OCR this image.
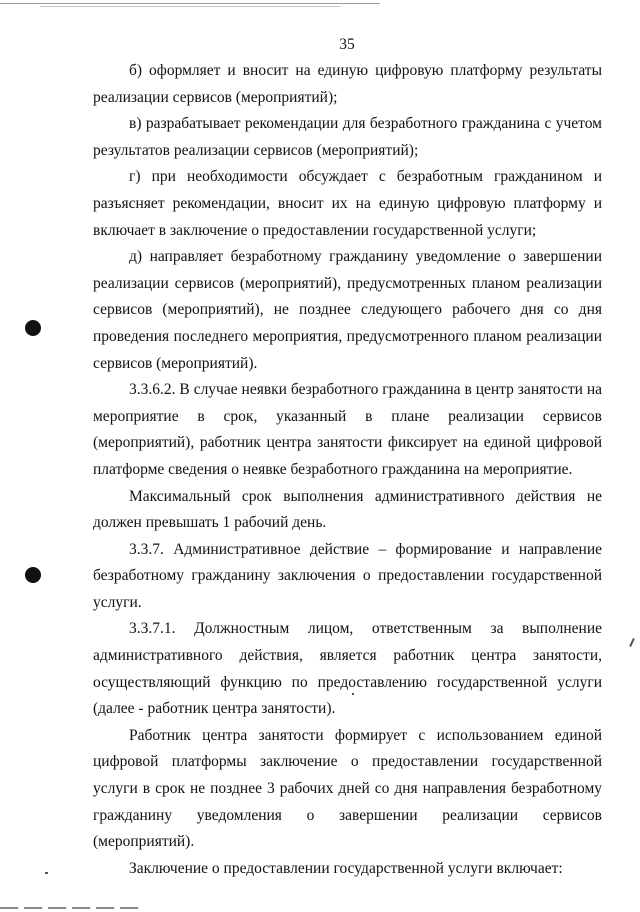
35

б) оформляет и вносит на единую цифровую платформу результаты реализации сервисов (мероприятий);

в) разрабатывает рекомендации для безработного гражданина с учетом результатов реализации сервисов (мероприятий);

г) при необходимости обсуждает с безработным гражданином и разъясняет рекомендации, вносит их на единую цифровую платформу и включает в заключение о предоставлении государственной услуги;

д) направляет безработному гражданину уведомление о завершении реализации сервисов (мероприятий), предусмотренных планом реализации сервисов (мероприятий), не позднее следующего рабочего дня со дня проведения последнего мероприятия, предусмотренного планом реализации сервисов (мероприятий).

3.3.6.2. В случае неявки безработного гражданина в центр занятости на мероприятие в срок, указанный в плане реализации сервисов (мероприятий), работник центра занятости фиксирует на единой цифровой платформе сведения о неявке безработного гражданина на мероприятие.

Максимальный срок выполнения административного действия не должен превышать 1 рабочий день.

3.3.7. Административное действие – формирование и направление безработному гражданину заключения о предоставлении государственной услуги.

3.3.7.1. Должностным лицом, ответственным за выполнение административного действия, является работник центра занятости, осуществляющий функцию по предоставлению государственной услуги (далее - работник центра занятости).

Работник центра занятости формирует с использованием единой цифровой платформы заключение о предоставлении государственной услуги в срок не позднее 3 рабочих дней со дня направления безработному гражданину уведомления о завершении реализации сервисов (мероприятий).

Заключение о предоставлении государственной услуги включает:
